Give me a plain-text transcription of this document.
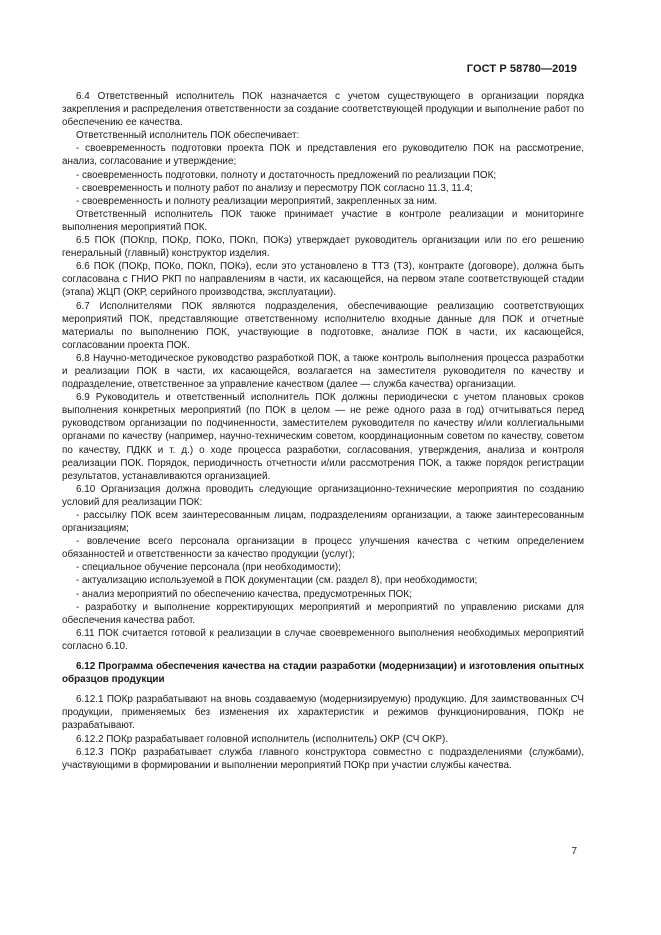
ГОСТ Р 58780—2019

6.4 Ответственный исполнитель ПОК назначается с учетом существующего в организации порядка закрепления и распределения ответственности за создание соответствующей продукции и выполнение работ по обеспечению ее качества.

Ответственный исполнитель ПОК обеспечивает:

- своевременность подготовки проекта ПОК и представления его руководителю ПОК на рассмотрение, анализ, согласование и утверждение;

- своевременность подготовки, полноту и достаточность предложений по реализации ПОК;

- своевременность и полноту работ по анализу и пересмотру ПОК согласно 11.3, 11.4;

- своевременность и полноту реализации мероприятий, закрепленных за ним.

Ответственный исполнитель ПОК также принимает участие в контроле реализации и мониторинге выполнения мероприятий ПОК.

6.5 ПОК (ПОКпр, ПОКр, ПОКо, ПОКп, ПОКэ) утверждает руководитель организации или по его решению генеральный (главный) конструктор изделия.

6.6 ПОК (ПОКр, ПОКо, ПОКп, ПОКэ), если это установлено в ТТЗ (ТЗ), контракте (договоре), должна быть согласована с ГНИО РКП по направлениям в части, их касающейся, на первом этапе соответствующей стадии (этапа) ЖЦП (ОКР, серийного производства, эксплуатации).

6.7 Исполнителями ПОК являются подразделения, обеспечивающие реализацию соответствующих мероприятий ПОК, представляющие ответственному исполнителю входные данные для ПОК и отчетные материалы по выполнению ПОК, участвующие в подготовке, анализе ПОК в части, их касающейся, согласовании проекта ПОК.

6.8 Научно-методическое руководство разработкой ПОК, а также контроль выполнения процесса разработки и реализации ПОК в части, их касающейся, возлагается на заместителя руководителя по качеству и подразделение, ответственное за управление качеством (далее — служба качества) организации.

6.9 Руководитель и ответственный исполнитель ПОК должны периодически с учетом плановых сроков выполнения конкретных мероприятий (по ПОК в целом — не реже одного раза в год) отчитываться перед руководством организации по подчиненности, заместителем руководителя по качеству и/или коллегиальными органами по качеству (например, научно-техническим советом, координационным советом по качеству, советом по качеству, ПДКК и т. д.) о ходе процесса разработки, согласования, утверждения, анализа и контроля реализации ПОК. Порядок, периодичность отчетности и/или рассмотрения ПОК, а также порядок регистрации результатов, устанавливаются организацией.

6.10 Организация должна проводить следующие организационно-технические мероприятия по созданию условий для реализации ПОК:

- рассылку ПОК всем заинтересованным лицам, подразделениям организации, а также заинтересованным организациям;

- вовлечение всего персонала организации в процесс улучшения качества с четким определением обязанностей и ответственности за качество продукции (услуг);

- специальное обучение персонала (при необходимости);

- актуализацию используемой в ПОК документации (см. раздел 8), при необходимости;

- анализ мероприятий по обеспечению качества, предусмотренных ПОК;

- разработку и выполнение корректирующих мероприятий и мероприятий по управлению рисками для обеспечения качества работ.

6.11 ПОК считается готовой к реализации в случае своевременного выполнения необходимых мероприятий согласно 6.10.

6.12 Программа обеспечения качества на стадии разработки (модернизации) и изготовления опытных образцов продукции

6.12.1 ПОКр разрабатывают на вновь создаваемую (модернизируемую) продукцию. Для заимствованных СЧ продукции, применяемых без изменения их характеристик и режимов функционирования, ПОКр не разрабатывают.

6.12.2 ПОКр разрабатывает головной исполнитель (исполнитель) ОКР (СЧ ОКР).

6.12.3 ПОКр разрабатывает служба главного конструктора совместно с подразделениями (службами), участвующими в формировании и выполнении мероприятий ПОКр при участии службы качества.

7
